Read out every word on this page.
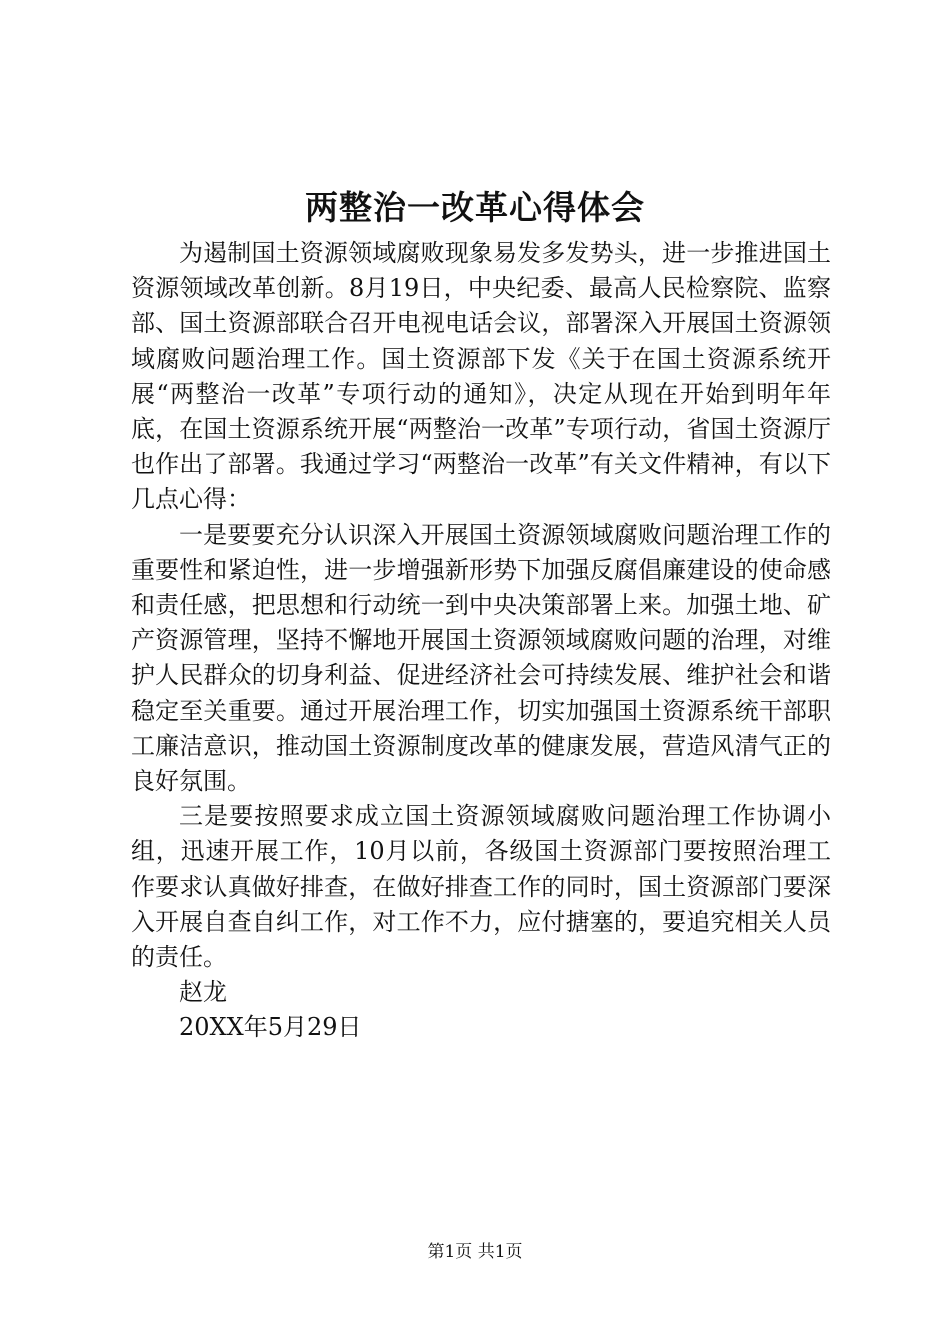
两整治一改革心得体会

为遏制国土资源领域腐败现象易发多发势头，进一步推进国土资源领域改革创新。8月19日，中央纪委、最高人民检察院、监察部、国土资源部联合召开电视电话会议，部署深入开展国土资源领域腐败问题治理工作。国土资源部下发《关于在国土资源系统开展“两整治一改革”专项行动的通知》，决定从现在开始到明年年底，在国土资源系统开展“两整治一改革”专项行动，省国土资源厅也作出了部署。我通过学习“两整治一改革”有关文件精神，有以下几点心得：

一是要要充分认识深入开展国土资源领域腐败问题治理工作的重要性和紧迫性，进一步增强新形势下加强反腐倡廉建设的使命感和责任感，把思想和行动统一到中央决策部署上来。加强土地、矿产资源管理，坚持不懈地开展国土资源领域腐败问题的治理，对维护人民群众的切身利益、促进经济社会可持续发展、维护社会和谐稳定至关重要。通过开展治理工作，切实加强国土资源系统干部职工廉洁意识，推动国土资源制度改革的健康发展，营造风清气正的良好氛围。

三是要按照要求成立国土资源领域腐败问题治理工作协调小组，迅速开展工作，10月以前，各级国土资源部门要按照治理工作要求认真做好排查，在做好排查工作的同时，国土资源部门要深入开展自查自纠工作，对工作不力，应付搪塞的，要追究相关人员的责任。

赵龙

20XX年5月29日

第1页 共1页
